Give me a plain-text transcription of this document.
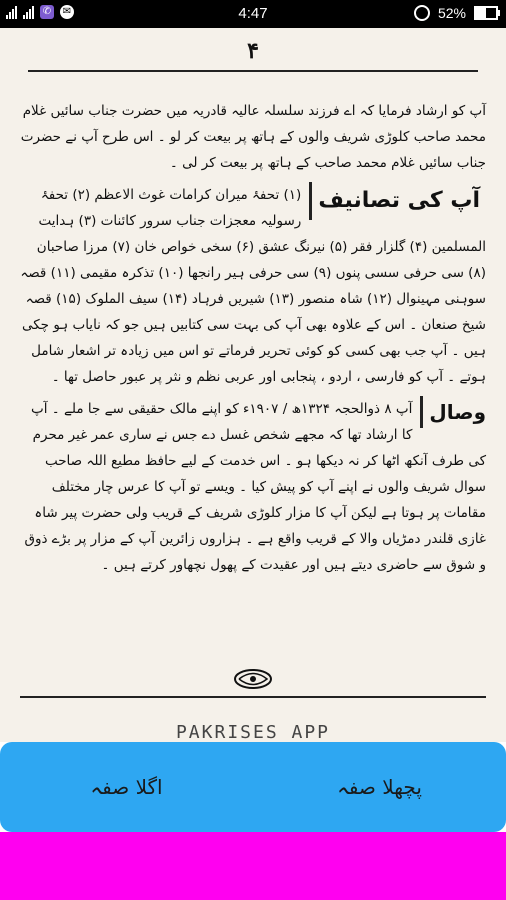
✆ ✉	4:47	52%
۴

آپ کو ارشاد فرمایا کہ اے فرزند سلسلہ عالیہ قادریہ میں حضرت جناب سائیں غلام محمد صاحب کلوڑی شریف والوں کے ہاتھ پر بیعت کر لو ۔ اس طرح آپ نے حضرت جناب سائیں غلام محمد صاحب کے ہاتھ پر بیعت کر لی ۔

آپ کی تصانیف
(۱) تحفۂ میران کرامات غوث الاعظم (۲) تحفۂ رسولیہ معجزات جناب سرور کائنات (۳) ہدایت المسلمین (۴) گلزار فقر (۵) نیرنگ عشق (۶) سخی خواص خان (۷) مرزا صاحبان (۸) سی حرفی سسی پنوں (۹) سی حرفی ہیر رانجھا (۱۰) تذکرہ مقیمی (۱۱) قصہ سوہنی مہینوال (۱۲) شاہ منصور (۱۳) شیریں فرہاد (۱۴) سیف الملوک (۱۵) قصہ شیخ صنعان ۔ اس کے علاوہ بھی آپ کی بہت سی کتابیں ہیں جو کہ نایاب ہو چکی ہیں ۔ آپ جب بھی کسی کو کوئی تحریر فرماتے تو اس میں زیادہ تر اشعار شامل ہوتے ۔ آپ کو فارسی ، اردو ، پنجابی اور عربی نظم و نثر پر عبور حاصل تھا ۔

وصال
آپ ۸ ذوالحجہ ۱۳۲۴ھ / ۱۹۰۷ء کو اپنے مالک حقیقی سے جا ملے ۔ آپ کا ارشاد تھا کہ مجھے شخص غسل دے جس نے ساری عمر غیر محرم کی طرف آنکھ اٹھا کر نہ دیکھا ہو ۔ اس خدمت کے لیے حافظ مطیع اللہ صاحب سوال شریف والوں نے اپنے آپ کو پیش کیا ۔ ویسے تو آپ کا عرس چار مختلف مقامات پر ہوتا ہے لیکن آپ کا مزار کلوڑی شریف کے قریب ولی حضرت پیر شاہ غازی قلندر دمڑیاں والا کے قریب واقع ہے ۔ ہزاروں زائرین آپ کے مزار پر بڑے ذوق و شوق سے حاضری دیتے ہیں اور عقیدت کے پھول نچھاور کرتے ہیں ۔

PAKRISES APP
اگلا صفہ	پچھلا صفہ
